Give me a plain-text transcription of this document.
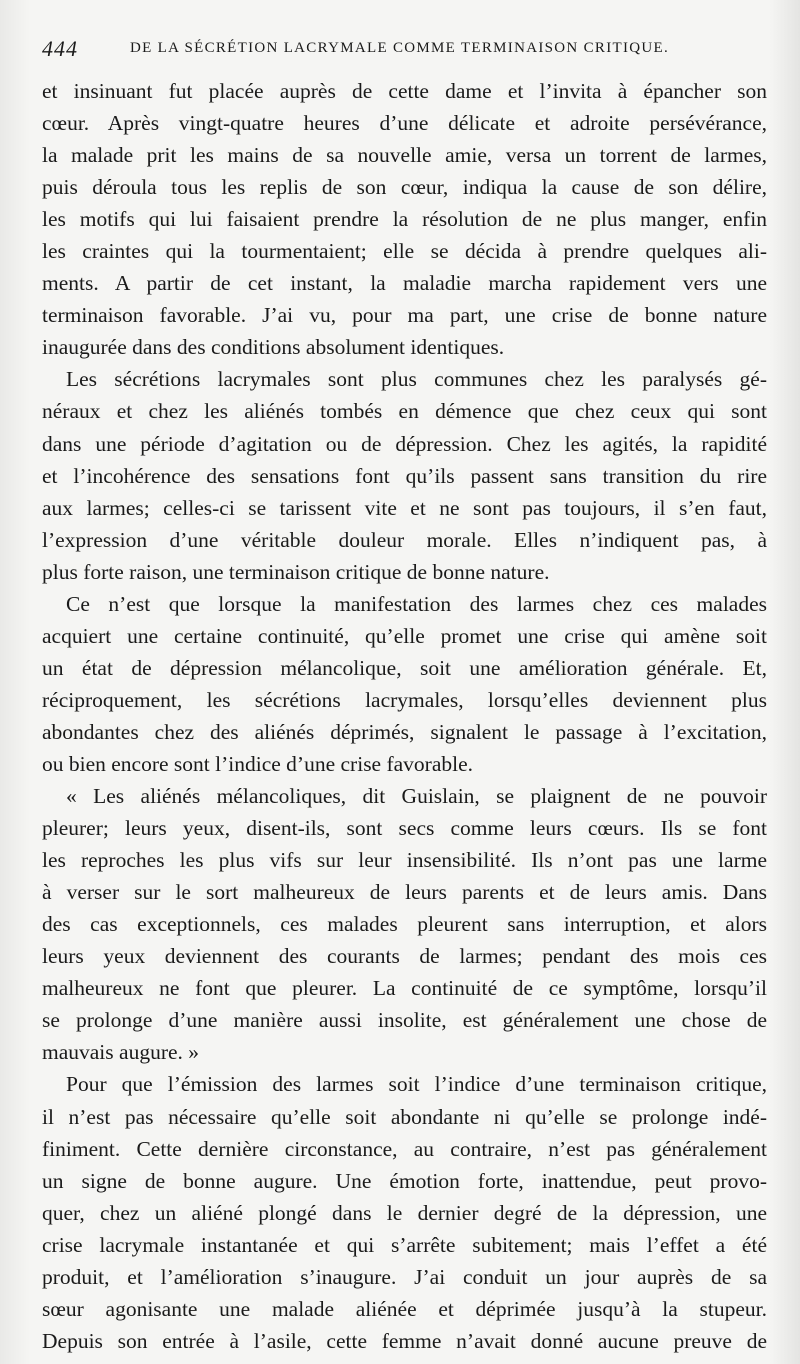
444	DE LA SÉCRÉTION LACRYMALE COMME TERMINAISON CRITIQUE.
et insinuant fut placée auprès de cette dame et l’invita à épancher son
cœur. Après vingt-quatre heures d’une délicate et adroite persévérance,
la malade prit les mains de sa nouvelle amie, versa un torrent de larmes,
puis déroula tous les replis de son cœur, indiqua la cause de son délire,
les motifs qui lui faisaient prendre la résolution de ne plus manger, enfin
les craintes qui la tourmentaient; elle se décida à prendre quelques ali-
ments. A partir de cet instant, la maladie marcha rapidement vers une
terminaison favorable. J’ai vu, pour ma part, une crise de bonne nature
inaugurée dans des conditions absolument identiques.
Les sécrétions lacrymales sont plus communes chez les paralysés gé-
néraux et chez les aliénés tombés en démence que chez ceux qui sont
dans une période d’agitation ou de dépression. Chez les agités, la rapidité
et l’incohérence des sensations font qu’ils passent sans transition du rire
aux larmes; celles-ci se tarissent vite et ne sont pas toujours, il s’en faut,
l’expression d’une véritable douleur morale. Elles n’indiquent pas, à
plus forte raison, une terminaison critique de bonne nature.
Ce n’est que lorsque la manifestation des larmes chez ces malades
acquiert une certaine continuité, qu’elle promet une crise qui amène soit
un état de dépression mélancolique, soit une amélioration générale. Et,
réciproquement, les sécrétions lacrymales, lorsqu’elles deviennent plus
abondantes chez des aliénés déprimés, signalent le passage à l’excitation,
ou bien encore sont l’indice d’une crise favorable.
« Les aliénés mélancoliques, dit Guislain, se plaignent de ne pouvoir
pleurer; leurs yeux, disent-ils, sont secs comme leurs cœurs. Ils se font
les reproches les plus vifs sur leur insensibilité. Ils n’ont pas une larme
à verser sur le sort malheureux de leurs parents et de leurs amis. Dans
des cas exceptionnels, ces malades pleurent sans interruption, et alors
leurs yeux deviennent des courants de larmes; pendant des mois ces
malheureux ne font que pleurer. La continuité de ce symptôme, lorsqu’il
se prolonge d’une manière aussi insolite, est généralement une chose de
mauvais augure. »
Pour que l’émission des larmes soit l’indice d’une terminaison critique,
il n’est pas nécessaire qu’elle soit abondante ni qu’elle se prolonge indé-
finiment. Cette dernière circonstance, au contraire, n’est pas généralement
un signe de bonne augure. Une émotion forte, inattendue, peut provo-
quer, chez un aliéné plongé dans le dernier degré de la dépression, une
crise lacrymale instantanée et qui s’arrête subitement; mais l’effet a été
produit, et l’amélioration s’inaugure. J’ai conduit un jour auprès de sa
sœur agonisante une malade aliénée et déprimée jusqu’à la stupeur.
Depuis son entrée à l’asile, cette femme n’avait donné aucune preuve de
